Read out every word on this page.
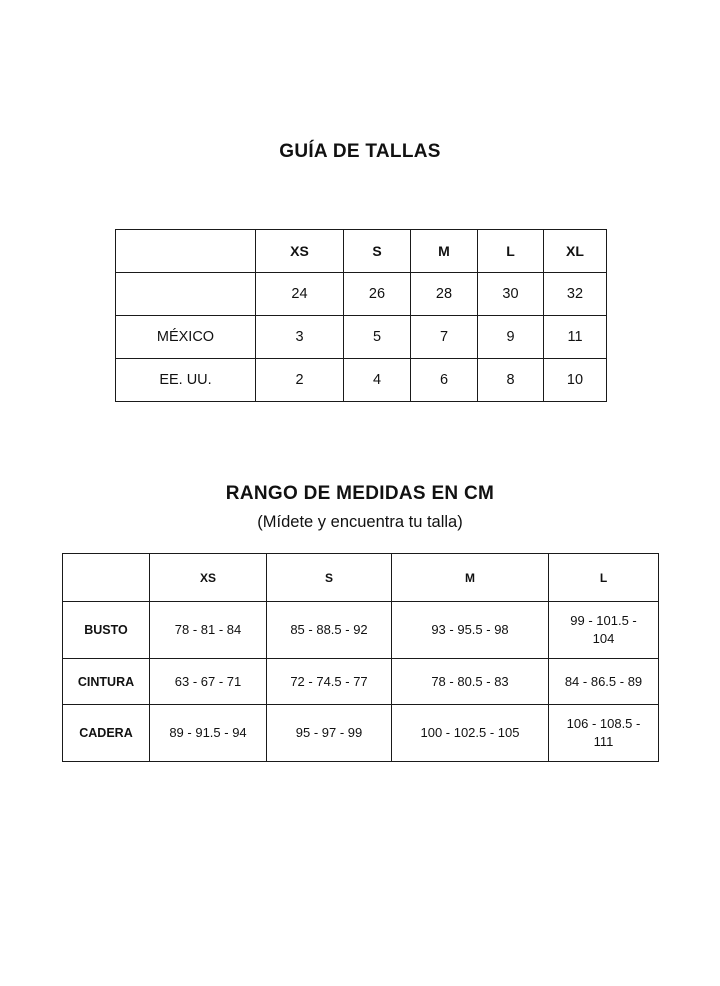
GUÍA DE TALLAS
	XS	S	M	L	XL
	24	26	28	30	32
MÉXICO	3	5	7	9	11
EE. UU.	2	4	6	8	10
RANGO DE MEDIDAS EN CM
(Mídete y encuentra tu talla)
	XS	S	M	L
BUSTO	78 - 81 - 84	85 - 88.5 - 92	93 - 95.5 - 98	99 - 101.5 - 104
CINTURA	63 - 67 - 71	72 - 74.5 - 77	78 - 80.5 - 83	84 - 86.5 - 89
CADERA	89 - 91.5 - 94	95 - 97 - 99	100 - 102.5 - 105	106 - 108.5 - 111
